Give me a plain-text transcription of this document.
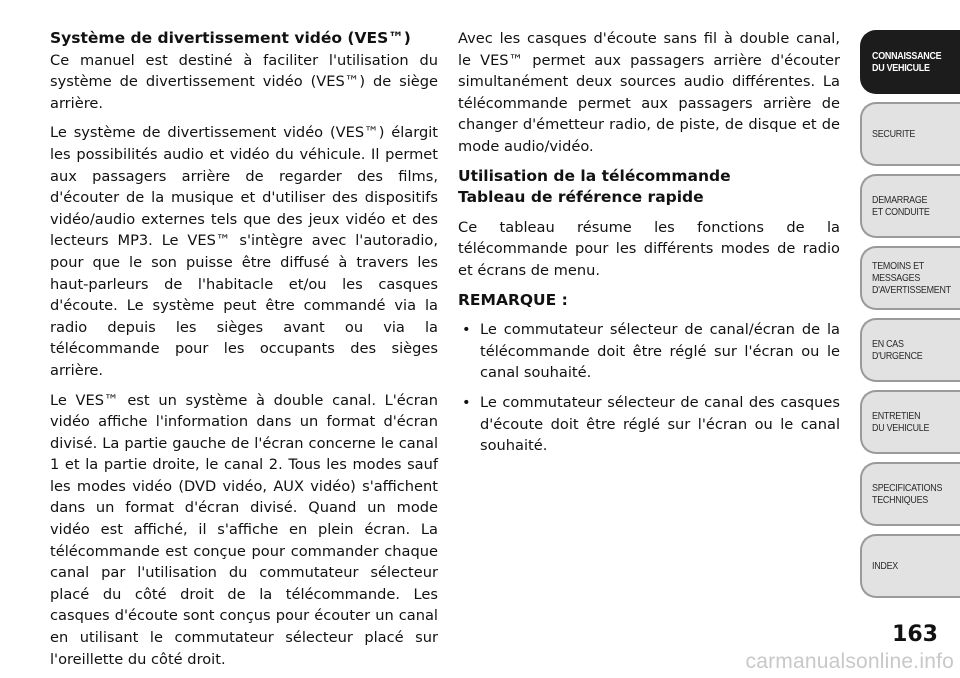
Système de divertissement vidéo (VES™)

Ce manuel est destiné à faciliter l'utilisation du système de divertissement vidéo (VES™) de siège arrière.

Le système de divertissement vidéo (VES™) élargit les possibilités audio et vidéo du véhicule. Il permet aux passagers arrière de regarder des films, d'écouter de la musique et d'utiliser des dispositifs vidéo/audio externes tels que des jeux vidéo et des lecteurs MP3. Le VES™ s'intègre avec l'autoradio, pour que le son puisse être diffusé à travers les haut-parleurs de l'habitacle et/ou les casques d'écoute. Le système peut être commandé via la radio depuis les sièges avant ou via la télécommande pour les occupants des sièges arrière.

Le VES™ est un système à double canal. L'écran vidéo affiche l'information dans un format d'écran divisé. La partie gauche de l'écran concerne le canal 1 et la partie droite, le canal 2. Tous les modes sauf les modes vidéo (DVD vidéo, AUX vidéo) s'affichent dans un format d'écran divisé. Quand un mode vidéo est affiché, il s'affiche en plein écran. La télécommande est conçue pour commander chaque canal par l'utilisation du commutateur sélecteur placé du côté droit de la télécommande. Les casques d'écoute sont conçus pour écouter un canal en utilisant le commutateur sélecteur placé sur l'oreillette du côté droit.

Avec les casques d'écoute sans fil à double canal, le VES™ permet aux passagers arrière d'écouter simultanément deux sources audio différentes. La télécommande permet aux passagers arrière de changer d'émetteur radio, de piste, de disque et de mode audio/vidéo.

Utilisation de la télécommande
Tableau de référence rapide

Ce tableau résume les fonctions de la télécommande pour les différents modes de radio et écrans de menu.

REMARQUE :
• Le commutateur sélecteur de canal/écran de la télécommande doit être réglé sur l'écran ou le canal souhaité.
• Le commutateur sélecteur de canal des casques d'écoute doit être réglé sur l'écran ou le canal souhaité.
CONNAISSANCE
DU VEHICULE
SECURITE
DEMARRAGE
ET CONDUITE
TEMOINS ET
MESSAGES
D'AVERTISSEMENT
EN CAS
D'URGENCE
ENTRETIEN
DU VEHICULE
SPECIFICATIONS
TECHNIQUES
INDEX
163
carmanualsonline.info
